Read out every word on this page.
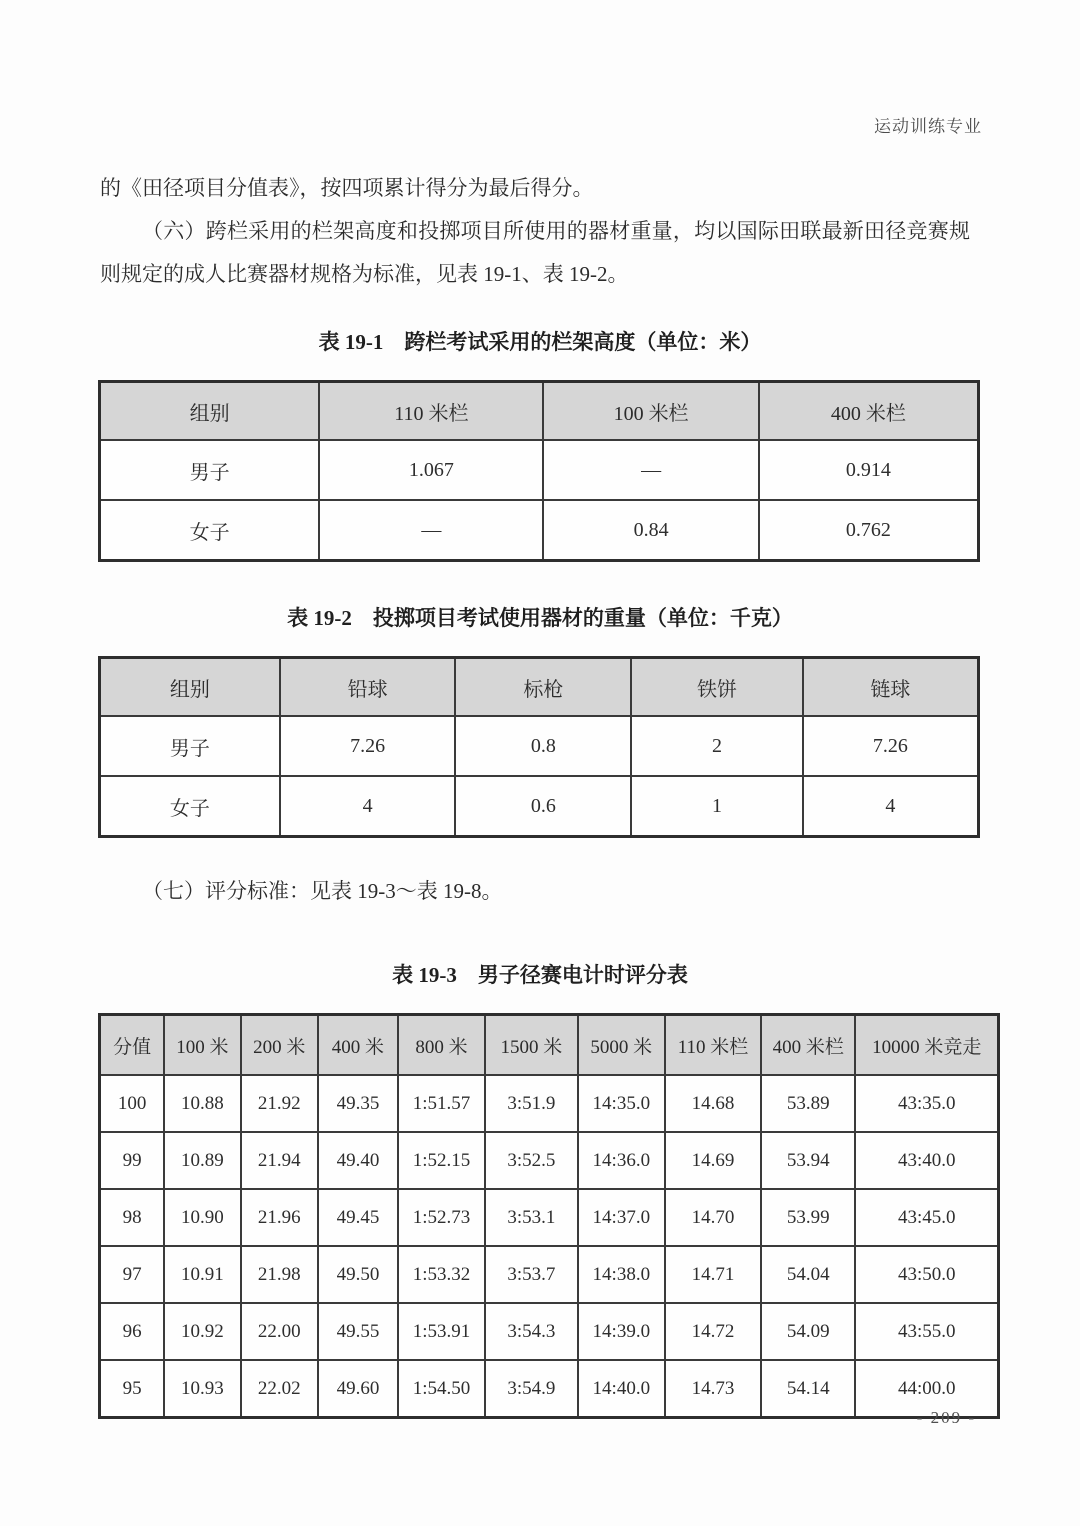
运动训练专业

的《田径项目分值表》，按四项累计得分为最后得分。

（六）跨栏采用的栏架高度和投掷项目所使用的器材重量，均以国际田联最新田径竞赛规则规定的成人比赛器材规格为标准，见表 19-1、表 19-2。

表 19-1　跨栏考试采用的栏架高度（单位：米）
组别	110 米栏	100 米栏	400 米栏
男子	1.067	—	0.914
女子	—	0.84	0.762
表 19-2　投掷项目考试使用器材的重量（单位：千克）
组别	铅球	标枪	铁饼	链球
男子	7.26	0.8	2	7.26
女子	4	0.6	1	4

（七）评分标准：见表 19-3〜表 19-8。

表 19-3　男子径赛电计时评分表
分值	100 米	200 米	400 米	800 米	1500 米	5000 米	110 米栏	400 米栏	10000 米竞走
100	10.88	21.92	49.35	1:51.57	3:51.9	14:35.0	14.68	53.89	43:35.0
99	10.89	21.94	49.40	1:52.15	3:52.5	14:36.0	14.69	53.94	43:40.0
98	10.90	21.96	49.45	1:52.73	3:53.1	14:37.0	14.70	53.99	43:45.0
97	10.91	21.98	49.50	1:53.32	3:53.7	14:38.0	14.71	54.04	43:50.0
96	10.92	22.00	49.55	1:53.91	3:54.3	14:39.0	14.72	54.09	43:55.0
95	10.93	22.02	49.60	1:54.50	3:54.9	14:40.0	14.73	54.14	44:00.0
- 209 -
